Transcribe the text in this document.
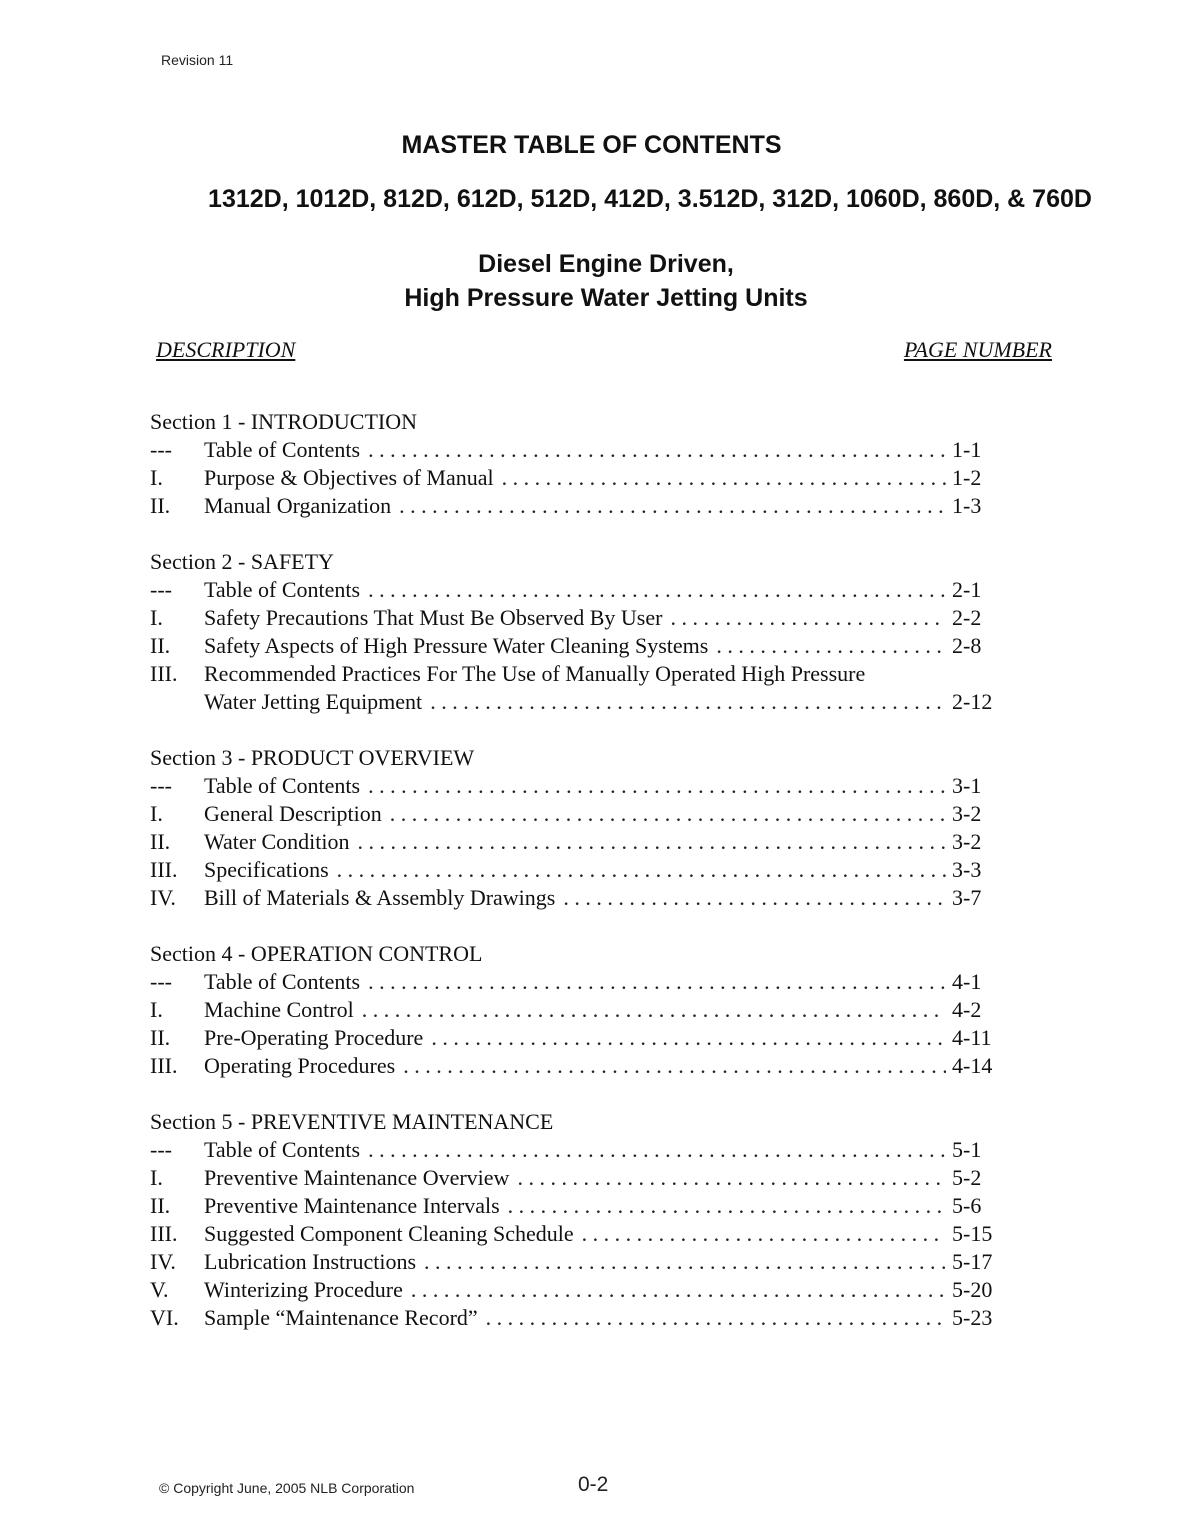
Revision 11
MASTER TABLE OF CONTENTS
1312D, 1012D, 812D, 612D, 512D, 412D, 3.512D, 312D, 1060D, 860D, & 760D
Diesel Engine Driven,
High Pressure Water Jetting Units
DESCRIPTION	PAGE NUMBER
Section 1 - INTRODUCTION
---	Table of Contents . . .	1-1
I.	Purpose & Objectives of Manual . . .	1-2
II.	Manual Organization . . .	1-3
Section 2 - SAFETY
---	Table of Contents . . .	2-1
I.	Safety Precautions That Must Be Observed By User . . .	2-2
II.	Safety Aspects of High Pressure Water Cleaning Systems . . .	2-8
III.	Recommended Practices For The Use of Manually Operated High Pressure
Water Jetting Equipment . . .	2-12
Section 3 - PRODUCT OVERVIEW
---	Table of Contents . . .	3-1
I.	General Description . . .	3-2
II.	Water Condition . . .	3-2
III.	Specifications . . .	3-3
IV.	Bill of Materials & Assembly Drawings . . .	3-7
Section 4 - OPERATION CONTROL
---	Table of Contents . . .	4-1
I.	Machine Control . . .	4-2
II.	Pre-Operating Procedure . . .	4-11
III.	Operating Procedures . . .	4-14
Section 5 - PREVENTIVE MAINTENANCE
---	Table of Contents . . .	5-1
I.	Preventive Maintenance Overview . . .	5-2
II.	Preventive Maintenance Intervals . . .	5-6
III.	Suggested Component Cleaning Schedule . . .	5-15
IV.	Lubrication Instructions . . .	5-17
V.	Winterizing Procedure . . .	5-20
VI.	Sample “Maintenance Record” . . .	5-23
© Copyright June, 2005 NLB Corporation	0-2
